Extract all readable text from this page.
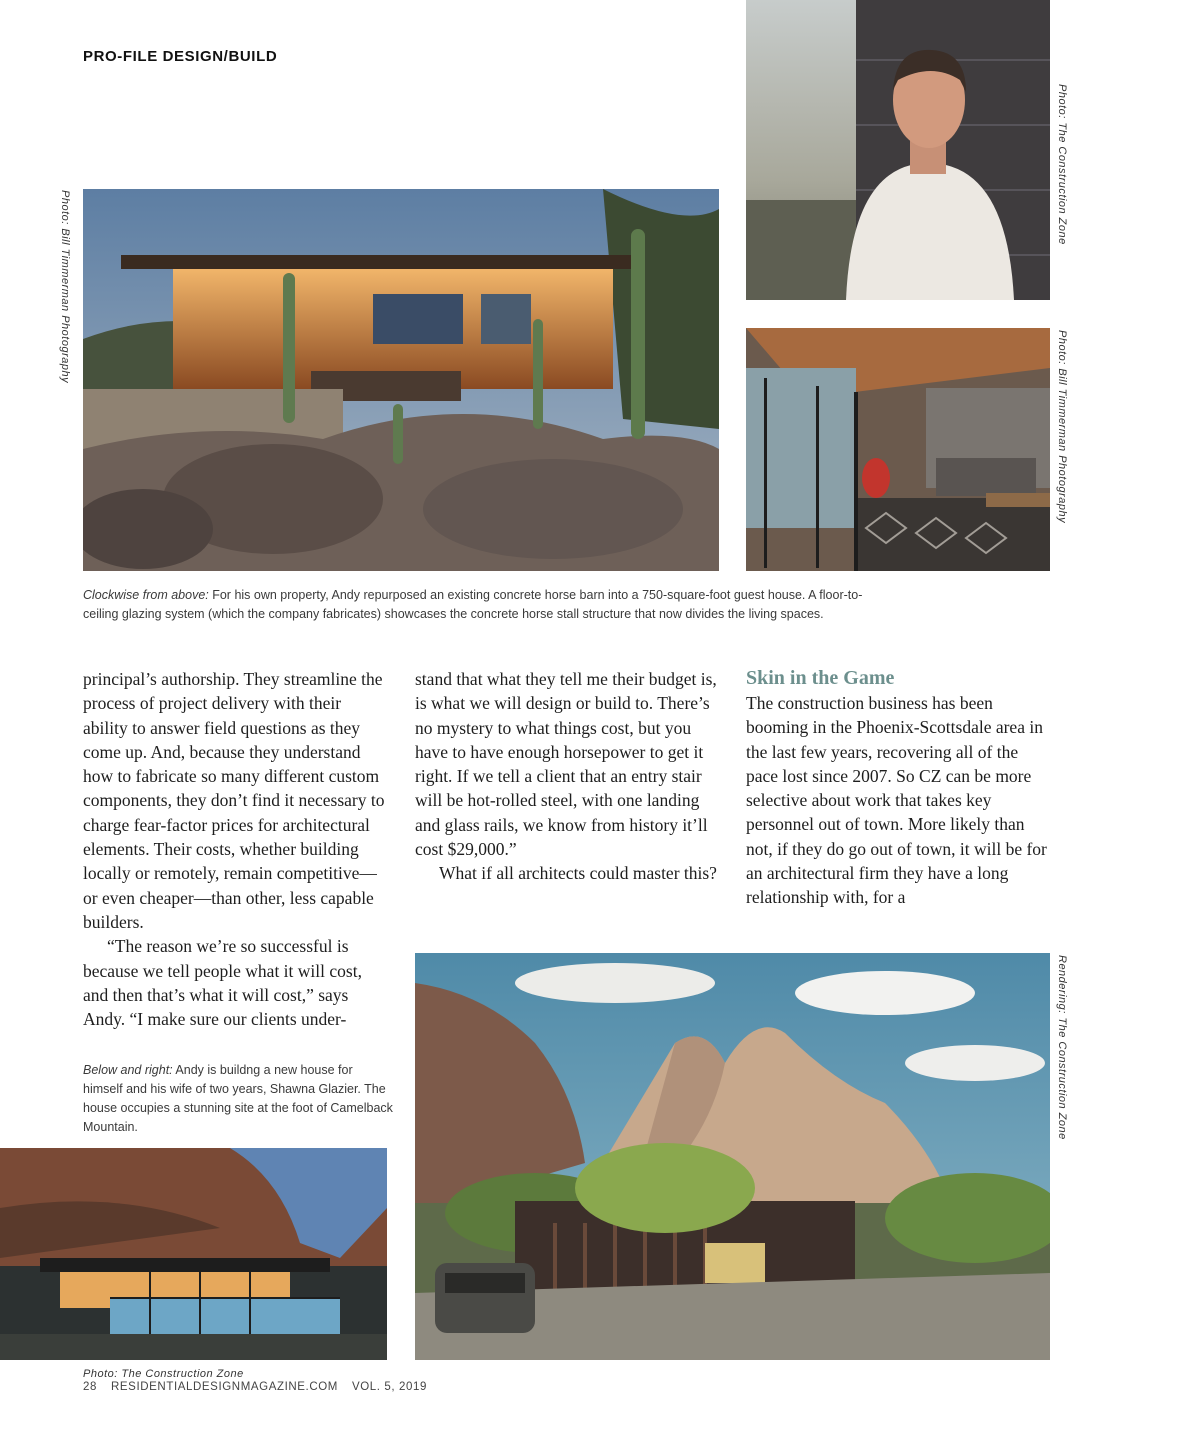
PRO-FILE DESIGN/BUILD
Photo: Bill Timmerman Photography
Photo: The Construction Zone
Photo: Bill Timmerman Photography
Clockwise from above: For his own property, Andy repurposed an existing concrete horse barn into a 750-square-foot guest house. A floor-to-ceiling glazing system (which the company fabricates) showcases the concrete horse stall structure that now divides the living spaces.

principal’s authorship. They streamline the process of project delivery with their ability to answer field questions as they come up. And, because they understand how to fabricate so many different custom components, they don’t find it necessary to charge fear-factor prices for architectural elements. Their costs, whether building locally or remotely, remain competitive—or even cheaper—than other, less capable builders.

“The reason we’re so successful is because we tell people what it will cost, and then that’s what it will cost,” says Andy. “I make sure our clients under-

stand that what they tell me their budget is, is what we will design or build to. There’s no mystery to what things cost, but you have to have enough horsepower to get it right. If we tell a client that an entry stair will be hot-rolled steel, with one landing and glass rails, we know from history it’ll cost $29,000.”

What if all architects could master this?

Skin in the Game

The construction business has been booming in the Phoenix-Scottsdale area in the last few years, recovering all of the pace lost since 2007. So CZ can be more selective about work that takes key personnel out of town. More likely than not, if they do go out of town, it will be for an architectural firm they have a long relationship with, for a

Below and right: Andy is buildng a new house for himself and his wife of two years, Shawna Glazier. The house occupies a stunning site at the foot of Camelback Mountain.
Photo: The Construction Zone
Rendering: The Construction Zone
28 RESIDENTIALDESIGNMAGAZINE.COM VOL. 5, 2019
